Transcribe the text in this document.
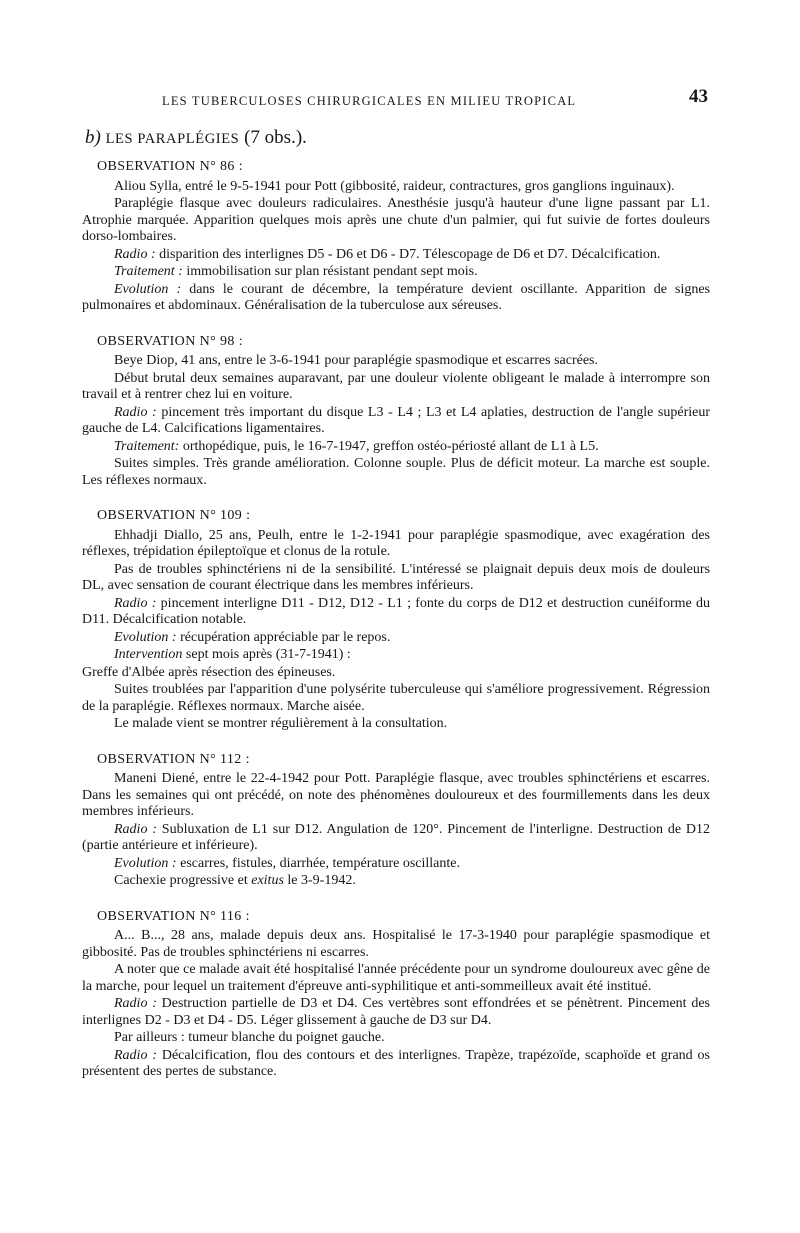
LES TUBERCULOSES CHIRURGICALES EN MILIEU TROPICAL	43
b) LES PARAPLÉGIES (7 obs.).
OBSERVATION N° 86 :
Aliou Sylla, entré le 9-5-1941 pour Pott (gibbosité, raideur, contractures, gros ganglions inguinaux).
Paraplégie flasque avec douleurs radiculaires. Anesthésie jusqu'à hauteur d'une ligne passant par L1. Atrophie marquée. Apparition quelques mois après une chute d'un palmier, qui fut suivie de fortes douleurs dorso-lombaires.
Radio : disparition des interlignes D5 - D6 et D6 - D7. Télescopage de D6 et D7. Décalcification.
Traitement : immobilisation sur plan résistant pendant sept mois.
Evolution : dans le courant de décembre, la température devient oscillante. Apparition de signes pulmonaires et abdominaux. Généralisation de la tuberculose aux séreuses.
OBSERVATION N° 98 :
Beye Diop, 41 ans, entre le 3-6-1941 pour paraplégie spasmodique et escarres sacrées.
Début brutal deux semaines auparavant, par une douleur violente obligeant le malade à interrompre son travail et à rentrer chez lui en voiture.
Radio : pincement très important du disque L3 - L4 ; L3 et L4 aplaties, destruction de l'angle supérieur gauche de L4. Calcifications ligamentaires.
Traitement: orthopédique, puis, le 16-7-1947, greffon ostéo-périosté allant de L1 à L5.
Suites simples. Très grande amélioration. Colonne souple. Plus de déficit moteur. La marche est souple. Les réflexes normaux.
OBSERVATION N° 109 :
Ehhadji Diallo, 25 ans, Peulh, entre le 1-2-1941 pour paraplégie spasmodique, avec exagération des réflexes, trépidation épileptoïque et clonus de la rotule.
Pas de troubles sphinctériens ni de la sensibilité. L'intéressé se plaignait depuis deux mois de douleurs DL, avec sensation de courant électrique dans les membres inférieurs.
Radio : pincement interligne D11 - D12, D12 - L1 ; fonte du corps de D12 et destruction cunéiforme du D11. Décalcification notable.
Evolution : récupération appréciable par le repos.
Intervention sept mois après (31-7-1941) :
Greffe d'Albée après résection des épineuses.
Suites troublées par l'apparition d'une polysérite tuberculeuse qui s'améliore progressivement. Régression de la paraplégie. Réflexes normaux. Marche aisée.
Le malade vient se montrer régulièrement à la consultation.
OBSERVATION N° 112 :
Maneni Diené, entre le 22-4-1942 pour Pott. Paraplégie flasque, avec troubles sphinctériens et escarres. Dans les semaines qui ont précédé, on note des phénomènes douloureux et des fourmillements dans les deux membres inférieurs.
Radio : Subluxation de L1 sur D12. Angulation de 120°. Pincement de l'interligne. Destruction de D12 (partie antérieure et inférieure).
Evolution : escarres, fistules, diarrhée, température oscillante.
Cachexie progressive et exitus le 3-9-1942.
OBSERVATION N° 116 :
A... B..., 28 ans, malade depuis deux ans. Hospitalisé le 17-3-1940 pour paraplégie spasmodique et gibbosité. Pas de troubles sphinctériens ni escarres.
A noter que ce malade avait été hospitalisé l'année précédente pour un syndrome douloureux avec gêne de la marche, pour lequel un traitement d'épreuve anti-syphilitique et anti-sommeilleux avait été institué.
Radio : Destruction partielle de D3 et D4. Ces vertèbres sont effondrées et se pénètrent. Pincement des interlignes D2 - D3 et D4 - D5. Léger glissement à gauche de D3 sur D4.
Par ailleurs : tumeur blanche du poignet gauche.
Radio : Décalcification, flou des contours et des interlignes. Trapèze, trapézoïde, scaphoïde et grand os présentent des pertes de substance.
